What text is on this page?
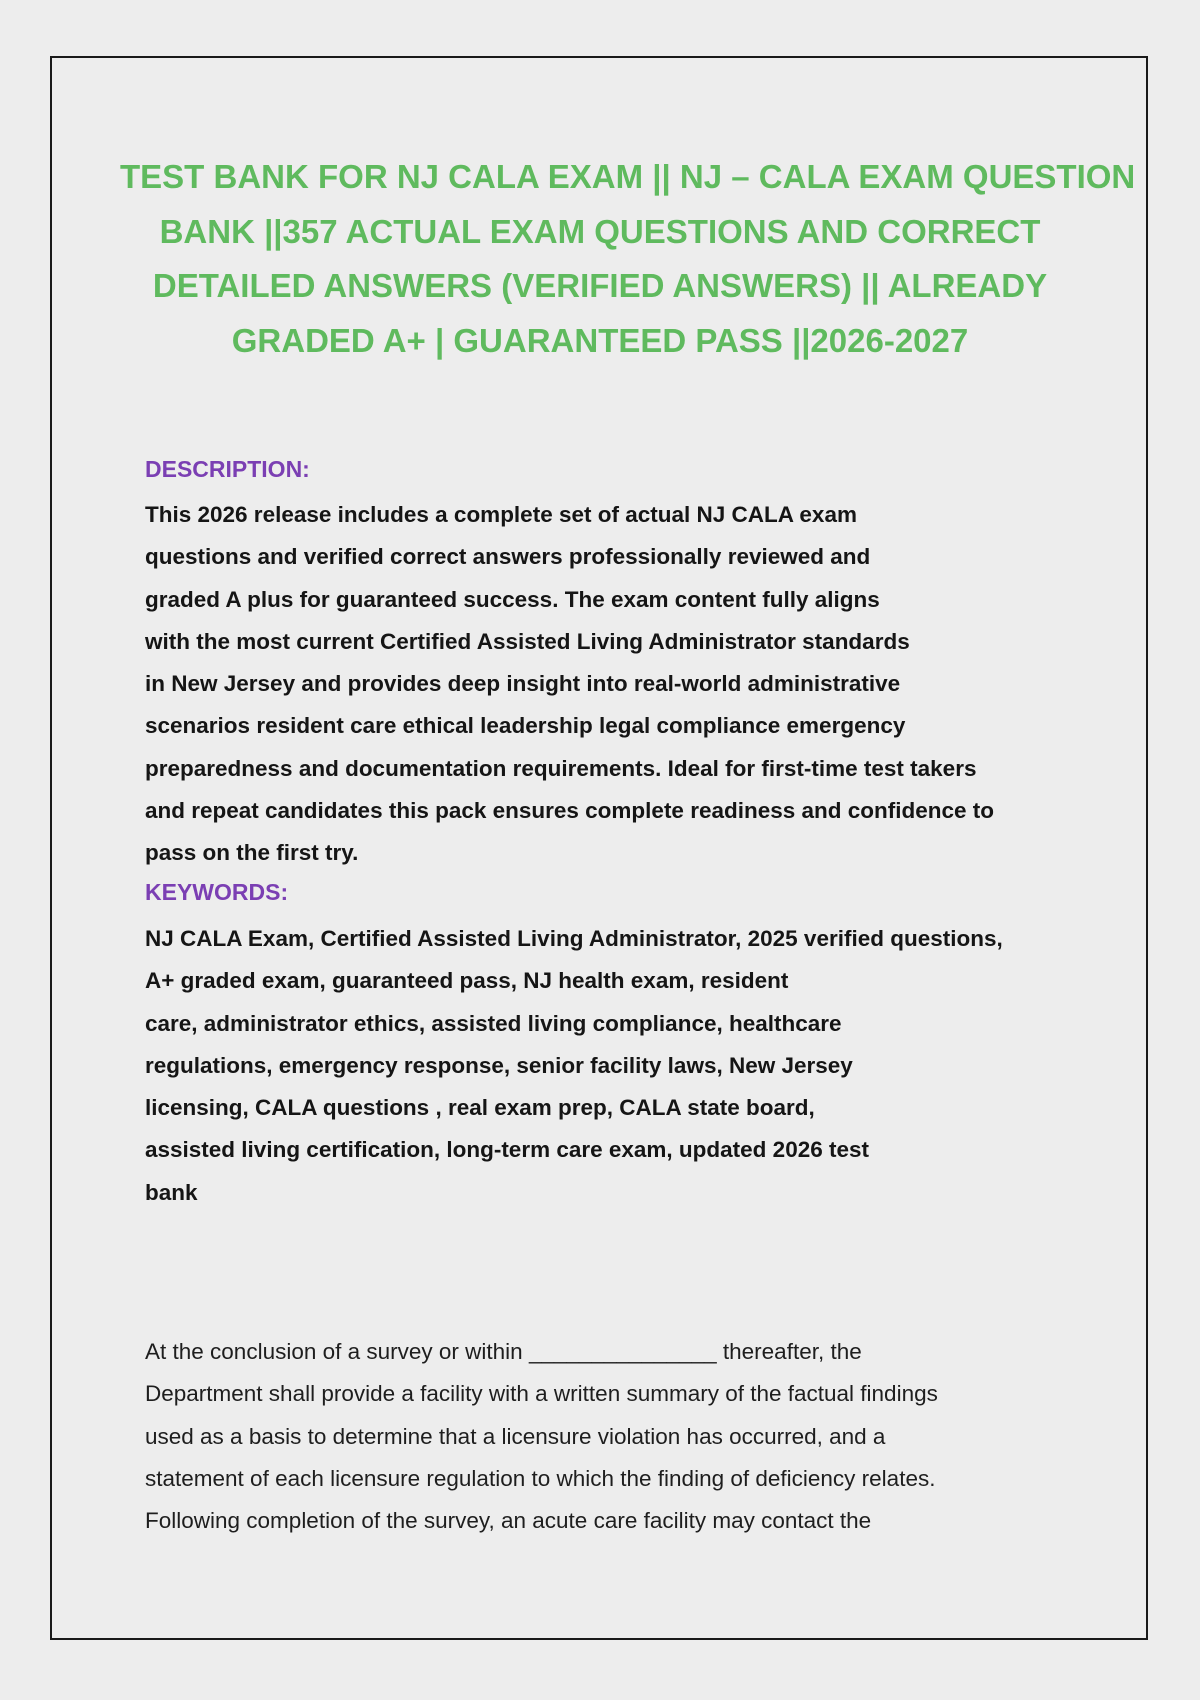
TEST BANK FOR NJ CALA EXAM || NJ – CALA EXAM QUESTION
BANK ||357 ACTUAL EXAM QUESTIONS AND CORRECT
DETAILED ANSWERS (VERIFIED ANSWERS) || ALREADY
GRADED A+ | GUARANTEED PASS ||2026-2027
DESCRIPTION:
This 2026 release includes a complete set of actual NJ CALA exam
questions and verified correct answers professionally reviewed and
graded A plus for guaranteed success. The exam content fully aligns
with the most current Certified Assisted Living Administrator standards
in New Jersey and provides deep insight into real-world administrative
scenarios resident care ethical leadership legal compliance emergency
preparedness and documentation requirements. Ideal for first-time test takers
and repeat candidates this pack ensures complete readiness and confidence to
pass on the first try.
KEYWORDS:
NJ CALA Exam, Certified Assisted Living Administrator, 2025 verified questions,
A+ graded exam, guaranteed pass, NJ health exam, resident
care, administrator ethics, assisted living compliance, healthcare
regulations, emergency response, senior facility laws, New Jersey
licensing, CALA questions , real exam prep, CALA state board,
assisted living certification, long-term care exam, updated 2026 test
bank
At the conclusion of a survey or within _______________ thereafter, the
Department shall provide a facility with a written summary of the factual findings
used as a basis to determine that a licensure violation has occurred, and a
statement of each licensure regulation to which the finding of deficiency relates.
Following completion of the survey, an acute care facility may contact the
